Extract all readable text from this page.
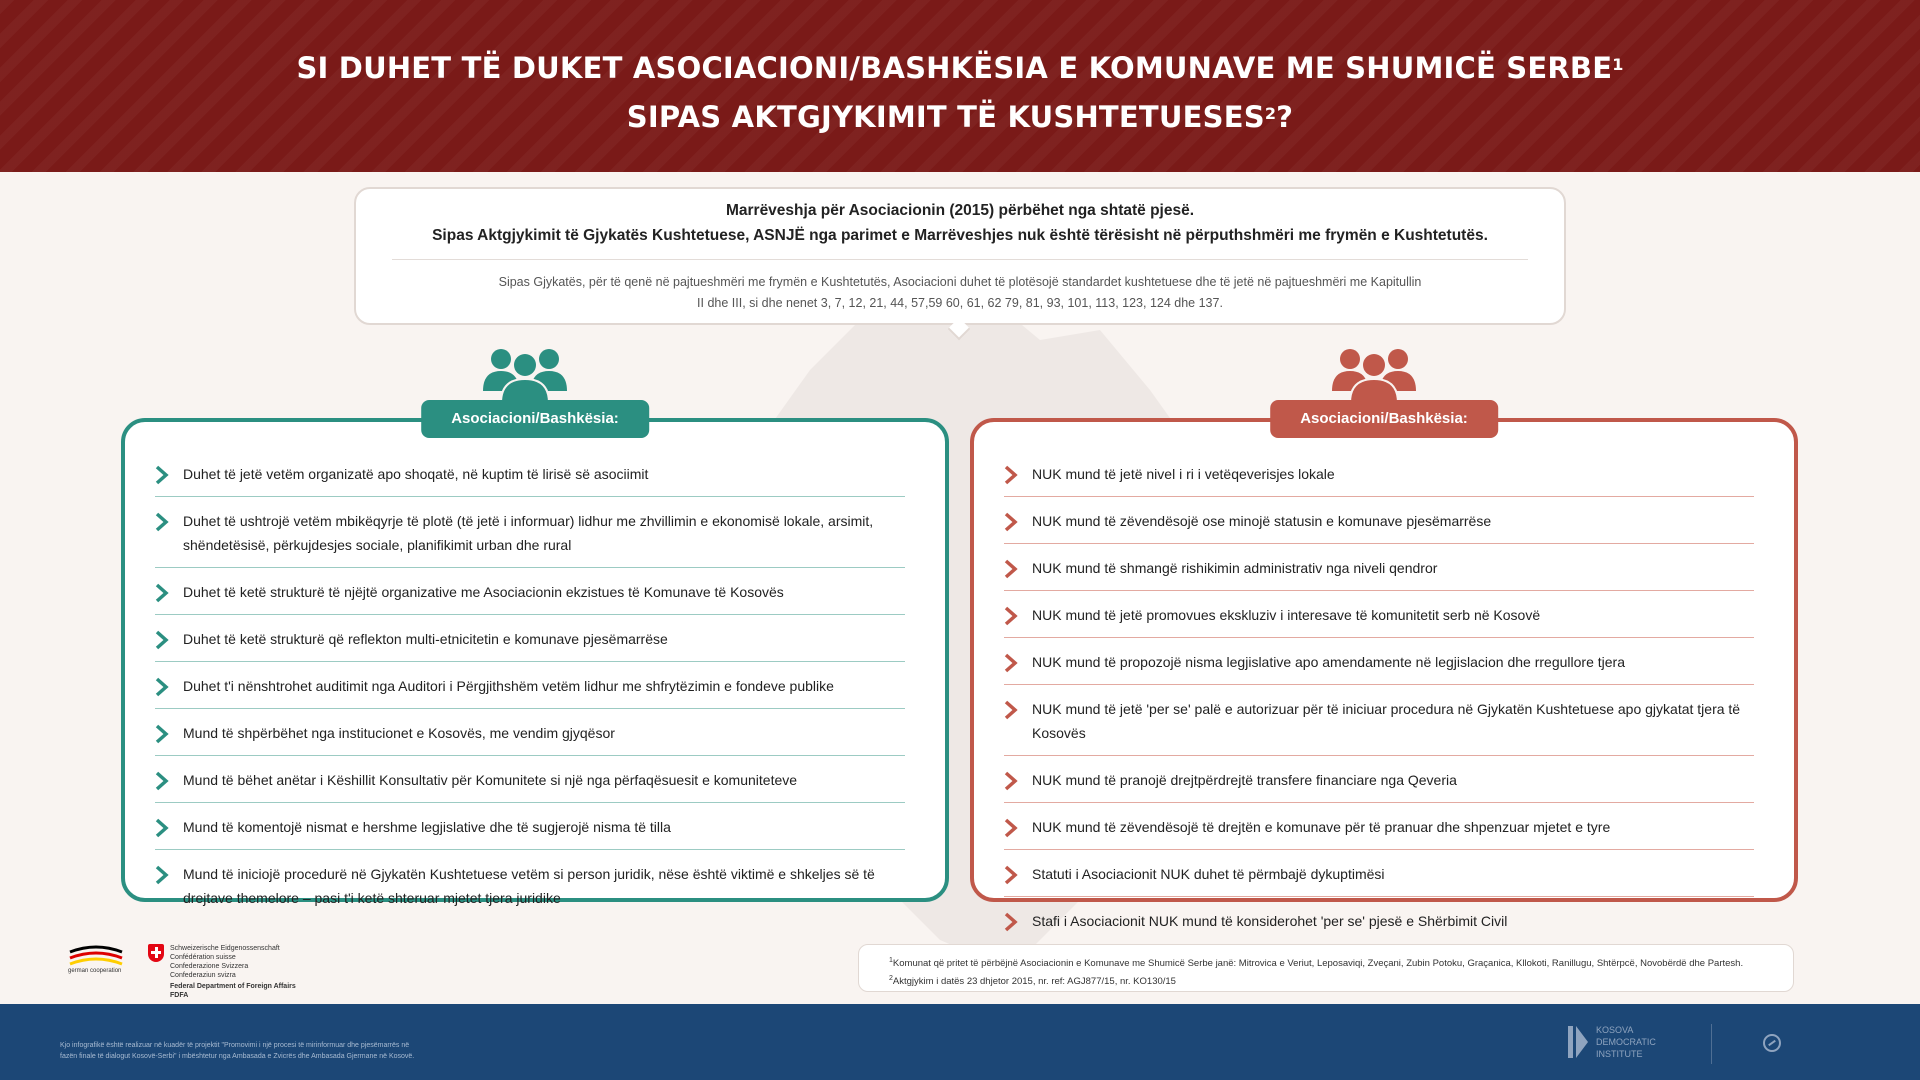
SI DUHET TË DUKET ASOCIACIONI/BASHKËSIA E KOMUNAVE ME SHUMICË SERBE$^1$
SIPAS AKTGJYKIMIT TË KUSHTETUESES$^2$?
Marrëveshja për Asociacionin (2015) përbëhet nga shtatë pjesë.
Sipas Aktgjykimit të Gjykatës Kushtetuese, ASNJË nga parimet e Marrëveshjes nuk është tërësisht në përputhshmëri me frymën e Kushtetutës.
Sipas Gjykatës, për të qenë në pajtueshmëri me frymën e Kushtetutës, Asociacioni duhet të plotësojë standardet kushtetuese dhe të jetë në pajtueshmëri me Kapitullin II dhe III, si dhe nenet 3, 7, 12, 21, 44, 57,59 60, 61, 62 79, 81, 93, 101, 113, 123, 124 dhe 137.
Asociacioni/Bashkësia:
Duhet të jetë vetëm organizatë apo shoqatë, në kuptim të lirisë së asociimit
Duhet të ushtrojë vetëm mbikëqyrje të plotë (të jetë i informuar) lidhur me zhvillimin e ekonomisë lokale, arsimit, shëndetësisë, përkujdesjes sociale, planifikimit urban dhe rural
Duhet të ketë strukturë të njëjtë organizative me Asociacionin ekzistues të Komunave të Kosovës
Duhet të ketë strukturë që reflekton multi-etnicitetin e komunave pjesëmarrëse
Duhet t'i nënshtrohet auditimit nga Auditori i Përgjithshëm vetëm lidhur me shfrytëzimin e fondeve publike
Mund të shpërbëhet nga institucionet e Kosovës, me vendim gjyqësor
Mund të bëhet anëtar i Këshillit Konsultativ për Komunitete si një nga përfaqësuesit e komuniteteve
Mund të komentojë nismat e hershme legjislative dhe të sugjerojë nisma të tilla
Mund të iniciojë procedurë në Gjykatën Kushtetuese vetëm si person juridik, nëse është viktimë e shkeljes së të drejtave themelore – pasi t'i ketë shteruar mjetet tjera juridike
Asociacioni/Bashkësia:
NUK mund të jetë nivel i ri i vetëqeverisjes lokale
NUK mund të zëvendësojë ose minojë statusin e komunave pjesëmarrëse
NUK mund të shmangë rishikimin administrativ nga niveli qendror
NUK mund të jetë promovues ekskluziv i interesave të komunitetit serb në Kosovë
NUK mund të propozojë nisma legjislative apo amendamente në legjislacion dhe rregullore tjera
NUK mund të jetë 'per se' palë e autorizuar për të iniciuar procedura në Gjykatën Kushtetuese apo gjykatat tjera të Kosovës
NUK mund të pranojë drejtpërdrejtë transfere financiare nga Qeveria
NUK mund të zëvendësojë të drejtën e komunave për të pranuar dhe shpenzuar mjetet e tyre
Statuti i Asociacionit NUK duhet të përmbajë dykuptimësi
Stafi i Asociacionit NUK mund të konsiderohet 'per se' pjesë e Shërbimit Civil
german cooperation
Schweizerische Eidgenossenschaft
Confédération suisse
Confederazione Svizzera
Confederaziun svizra
Federal Department of Foreign Affairs FDFA
$^1$Komunat që pritet të përbëjnë Asociacionin e Komunave me Shumicë Serbe janë: Mitrovica e Veriut, Leposaviqi, Zveçani, Zubin Potoku, Graçanica, Kllokoti, Ranillugu, Shtërpcë, Novobërdë dhe Partesh.
$^2$Aktgjykim i datës 23 dhjetor 2015, nr. ref: AGJ877/15, nr. KO130/15
Kjo infografikë është realizuar në kuadër të projektit "Promovimi i një procesi të mirinformuar dhe pjesëmarrës në fazën finale të dialogut Kosovë-Serbi" i mbështetur nga Ambasada e Zvicrës dhe Ambasada Gjermane në Kosovë.
KOSOVA DEMOCRATIC INSTITUTE
